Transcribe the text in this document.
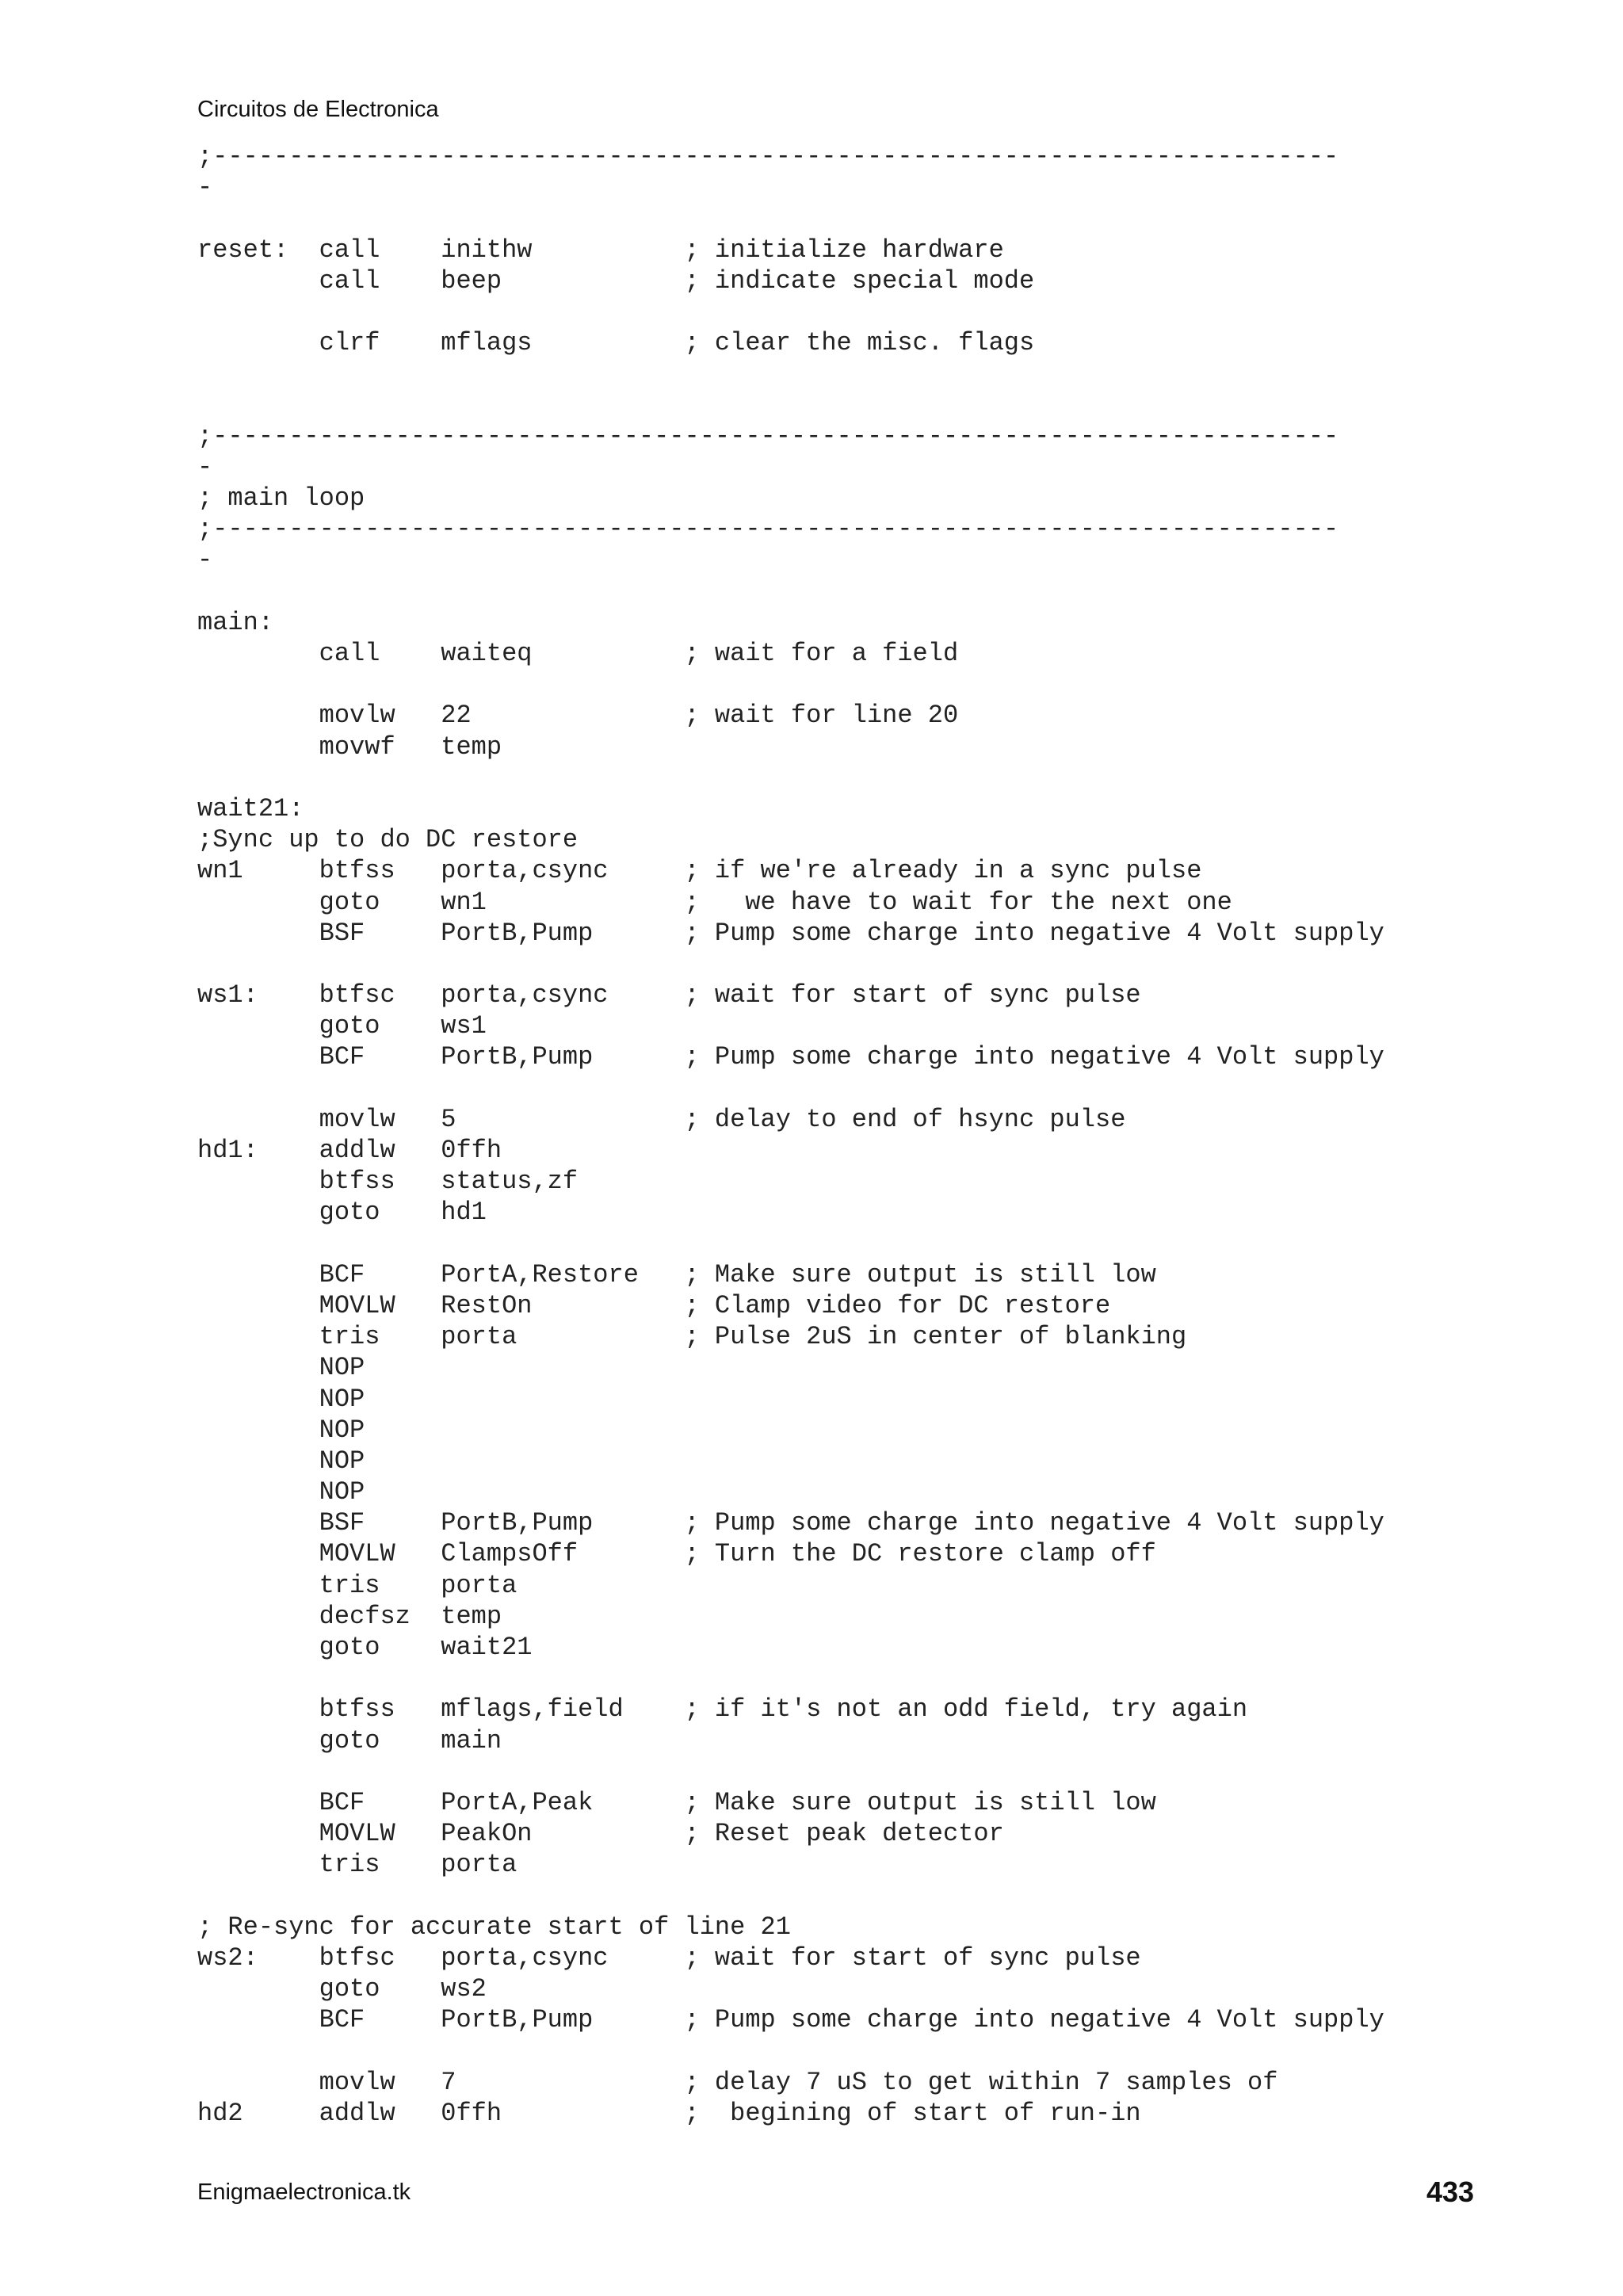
Circuitos de Electronica
;--------------------------------------------------------------------------
-
reset:  call    inithw          ; initialize hardware
call    beep            ; indicate special mode
clrf    mflags          ; clear the misc. flags
;--------------------------------------------------------------------------
-
; main loop
;--------------------------------------------------------------------------
-
main:
call    waiteq          ; wait for a field
movlw   22              ; wait for line 20
movwf   temp
wait21:
;Sync up to do DC restore
wn1     btfss   porta,csync     ; if we're already in a sync pulse
goto    wn1             ;   we have to wait for the next one
BSF     PortB,Pump      ; Pump some charge into negative 4 Volt supply
ws1:    btfsc   porta,csync     ; wait for start of sync pulse
goto    ws1
BCF     PortB,Pump      ; Pump some charge into negative 4 Volt supply
movlw   5               ; delay to end of hsync pulse
hd1:    addlw   0ffh
btfss   status,zf
goto    hd1
BCF     PortA,Restore   ; Make sure output is still low
MOVLW   RestOn          ; Clamp video for DC restore
tris    porta           ; Pulse 2uS in center of blanking
NOP
NOP
NOP
NOP
NOP
BSF     PortB,Pump      ; Pump some charge into negative 4 Volt supply
MOVLW   ClampsOff       ; Turn the DC restore clamp off
tris    porta
decfsz  temp
goto    wait21
btfss   mflags,field    ; if it's not an odd field, try again
goto    main
BCF     PortA,Peak      ; Make sure output is still low
MOVLW   PeakOn          ; Reset peak detector
tris    porta
; Re-sync for accurate start of line 21
ws2:    btfsc   porta,csync     ; wait for start of sync pulse
goto    ws2
BCF     PortB,Pump      ; Pump some charge into negative 4 Volt supply
movlw   7               ; delay 7 uS to get within 7 samples of
hd2     addlw   0ffh            ;  begining of start of run-in
Enigmaelectronica.tk	433
